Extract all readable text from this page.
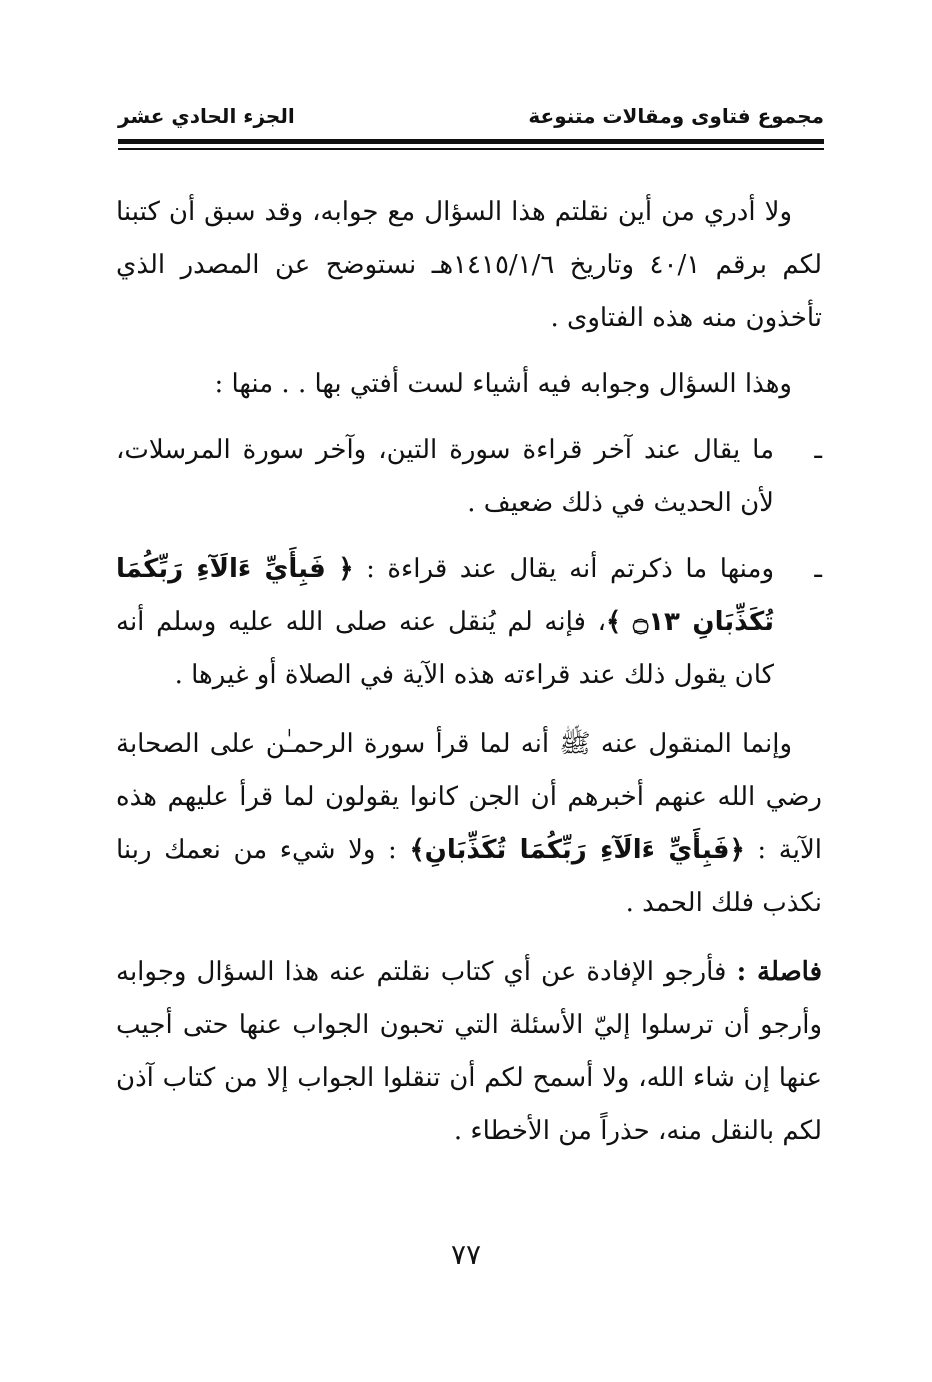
مجموع فتاوى ومقالات متنوعة
الجزء الحادي عشر

ولا أدري من أين نقلتم هذا السؤال مع جوابه، وقد سبق أن كتبنا لكم برقم ٤٠/١ وتاريخ ١٤١٥/١/٦هـ نستوضح عن المصدر الذي تأخذون منه هذه الفتاوى .

وهذا السؤال وجوابه فيه أشياء لست أفتي بها . . منها :

ـ
ما يقال عند آخر قراءة سورة التين، وآخر سورة المرسلات، لأن الحديث في ذلك ضعيف .

ـ
ومنها ما ذكرتم أنه يقال عند قراءة : ﴿ فَبِأَيِّ ءَالَآءِ رَبِّكُمَا تُكَذِّبَانِ ۝١٣ ﴾، فإنه لم يُنقل عنه صلى الله عليه وسلم أنه كان يقول ذلك عند قراءته هذه الآية في الصلاة أو غيرها .

وإنما المنقول عنه ﷺ أنه لما قرأ سورة الرحمـٰن على الصحابة رضي الله عنهم أخبرهم أن الجن كانوا يقولون لما قرأ عليهم هذه الآية : ﴿فَبِأَيِّ ءَالَآءِ رَبِّكُمَا تُكَذِّبَانِ﴾ : ولا شيء من نعمك ربنا نكذب فلك الحمد .

فاصلة : فأرجو الإفادة عن أي كتاب نقلتم عنه هذا السؤال وجوابه وأرجو أن ترسلوا إليّ الأسئلة التي تحبون الجواب عنها حتى أجيب عنها إن شاء الله، ولا أسمح لكم أن تنقلوا الجواب إلا من كتاب آذن لكم بالنقل منه، حذراً من الأخطاء .

٧٧
